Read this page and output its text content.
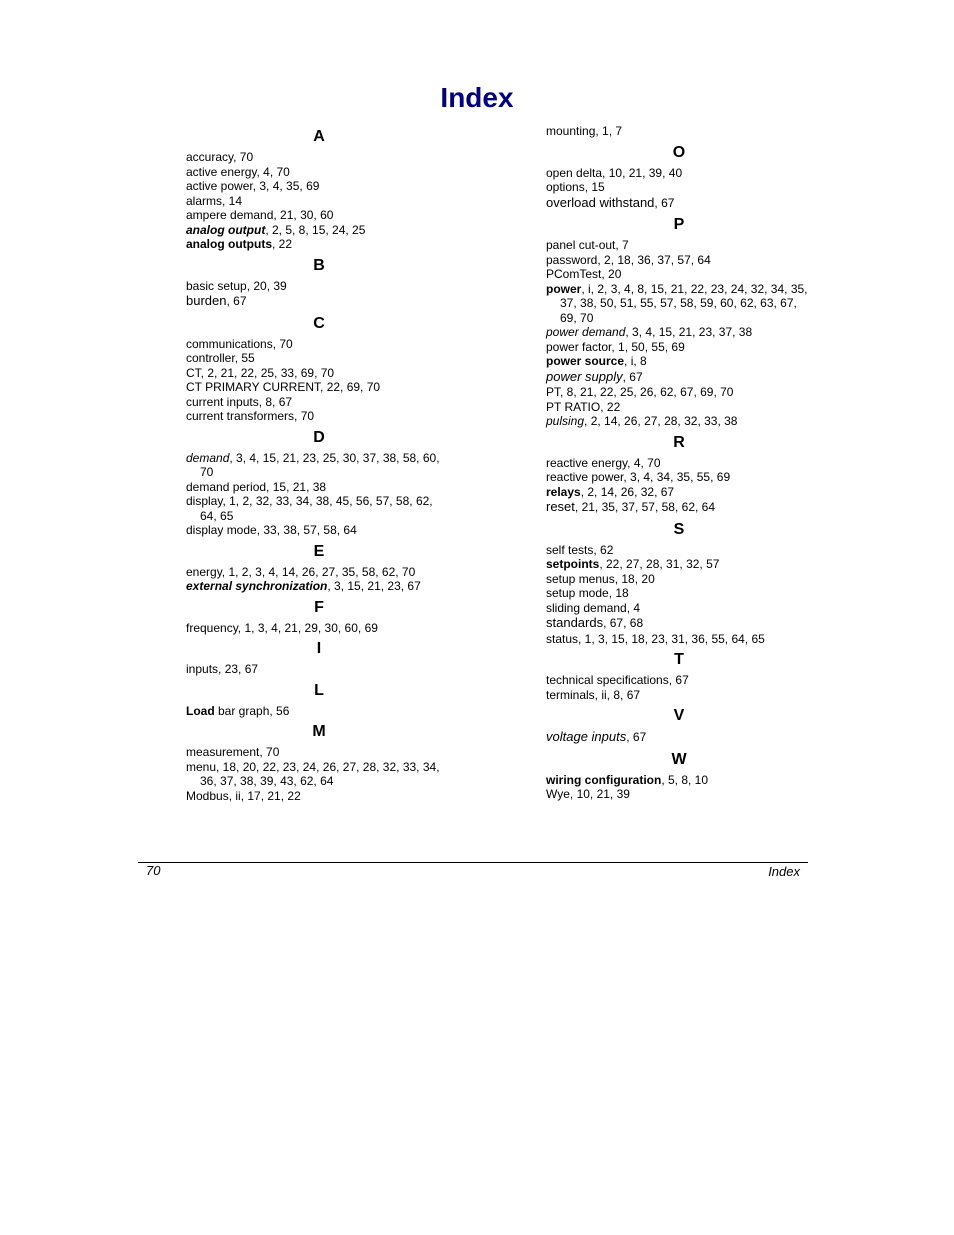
Index
A
accuracy, 70
active energy, 4, 70
active power, 3, 4, 35, 69
alarms, 14
ampere demand, 21, 30, 60
analog output, 2, 5, 8, 15, 24, 25
analog outputs, 22
B
basic setup, 20, 39
burden, 67
C
communications, 70
controller, 55
CT, 2, 21, 22, 25, 33, 69, 70
CT PRIMARY CURRENT, 22, 69, 70
current inputs, 8, 67
current transformers, 70
D
demand, 3, 4, 15, 21, 23, 25, 30, 37, 38, 58, 60, 70
demand period, 15, 21, 38
display, 1, 2, 32, 33, 34, 38, 45, 56, 57, 58, 62, 64, 65
display mode, 33, 38, 57, 58, 64
E
energy, 1, 2, 3, 4, 14, 26, 27, 35, 58, 62, 70
external synchronization, 3, 15, 21, 23, 67
F
frequency, 1, 3, 4, 21, 29, 30, 60, 69
I
inputs, 23, 67
L
Load bar graph, 56
M
measurement, 70
menu, 18, 20, 22, 23, 24, 26, 27, 28, 32, 33, 34, 36, 37, 38, 39, 43, 62, 64
Modbus, ii, 17, 21, 22
mounting, 1, 7
O
open delta, 10, 21, 39, 40
options, 15
overload withstand, 67
P
panel cut-out, 7
password, 2, 18, 36, 37, 57, 64
PComTest, 20
power, i, 2, 3, 4, 8, 15, 21, 22, 23, 24, 32, 34, 35, 37, 38, 50, 51, 55, 57, 58, 59, 60, 62, 63, 67, 69, 70
power demand, 3, 4, 15, 21, 23, 37, 38
power factor, 1, 50, 55, 69
power source, i, 8
power supply, 67
PT, 8, 21, 22, 25, 26, 62, 67, 69, 70
PT RATIO, 22
pulsing, 2, 14, 26, 27, 28, 32, 33, 38
R
reactive energy, 4, 70
reactive power, 3, 4, 34, 35, 55, 69
relays, 2, 14, 26, 32, 67
reset, 21, 35, 37, 57, 58, 62, 64
S
self tests, 62
setpoints, 22, 27, 28, 31, 32, 57
setup menus, 18, 20
setup mode, 18
sliding demand, 4
standards, 67, 68
status, 1, 3, 15, 18, 23, 31, 36, 55, 64, 65
T
technical specifications, 67
terminals, ii, 8, 67
V
voltage inputs, 67
W
wiring configuration, 5, 8, 10
Wye, 10, 21, 39
70	Index
